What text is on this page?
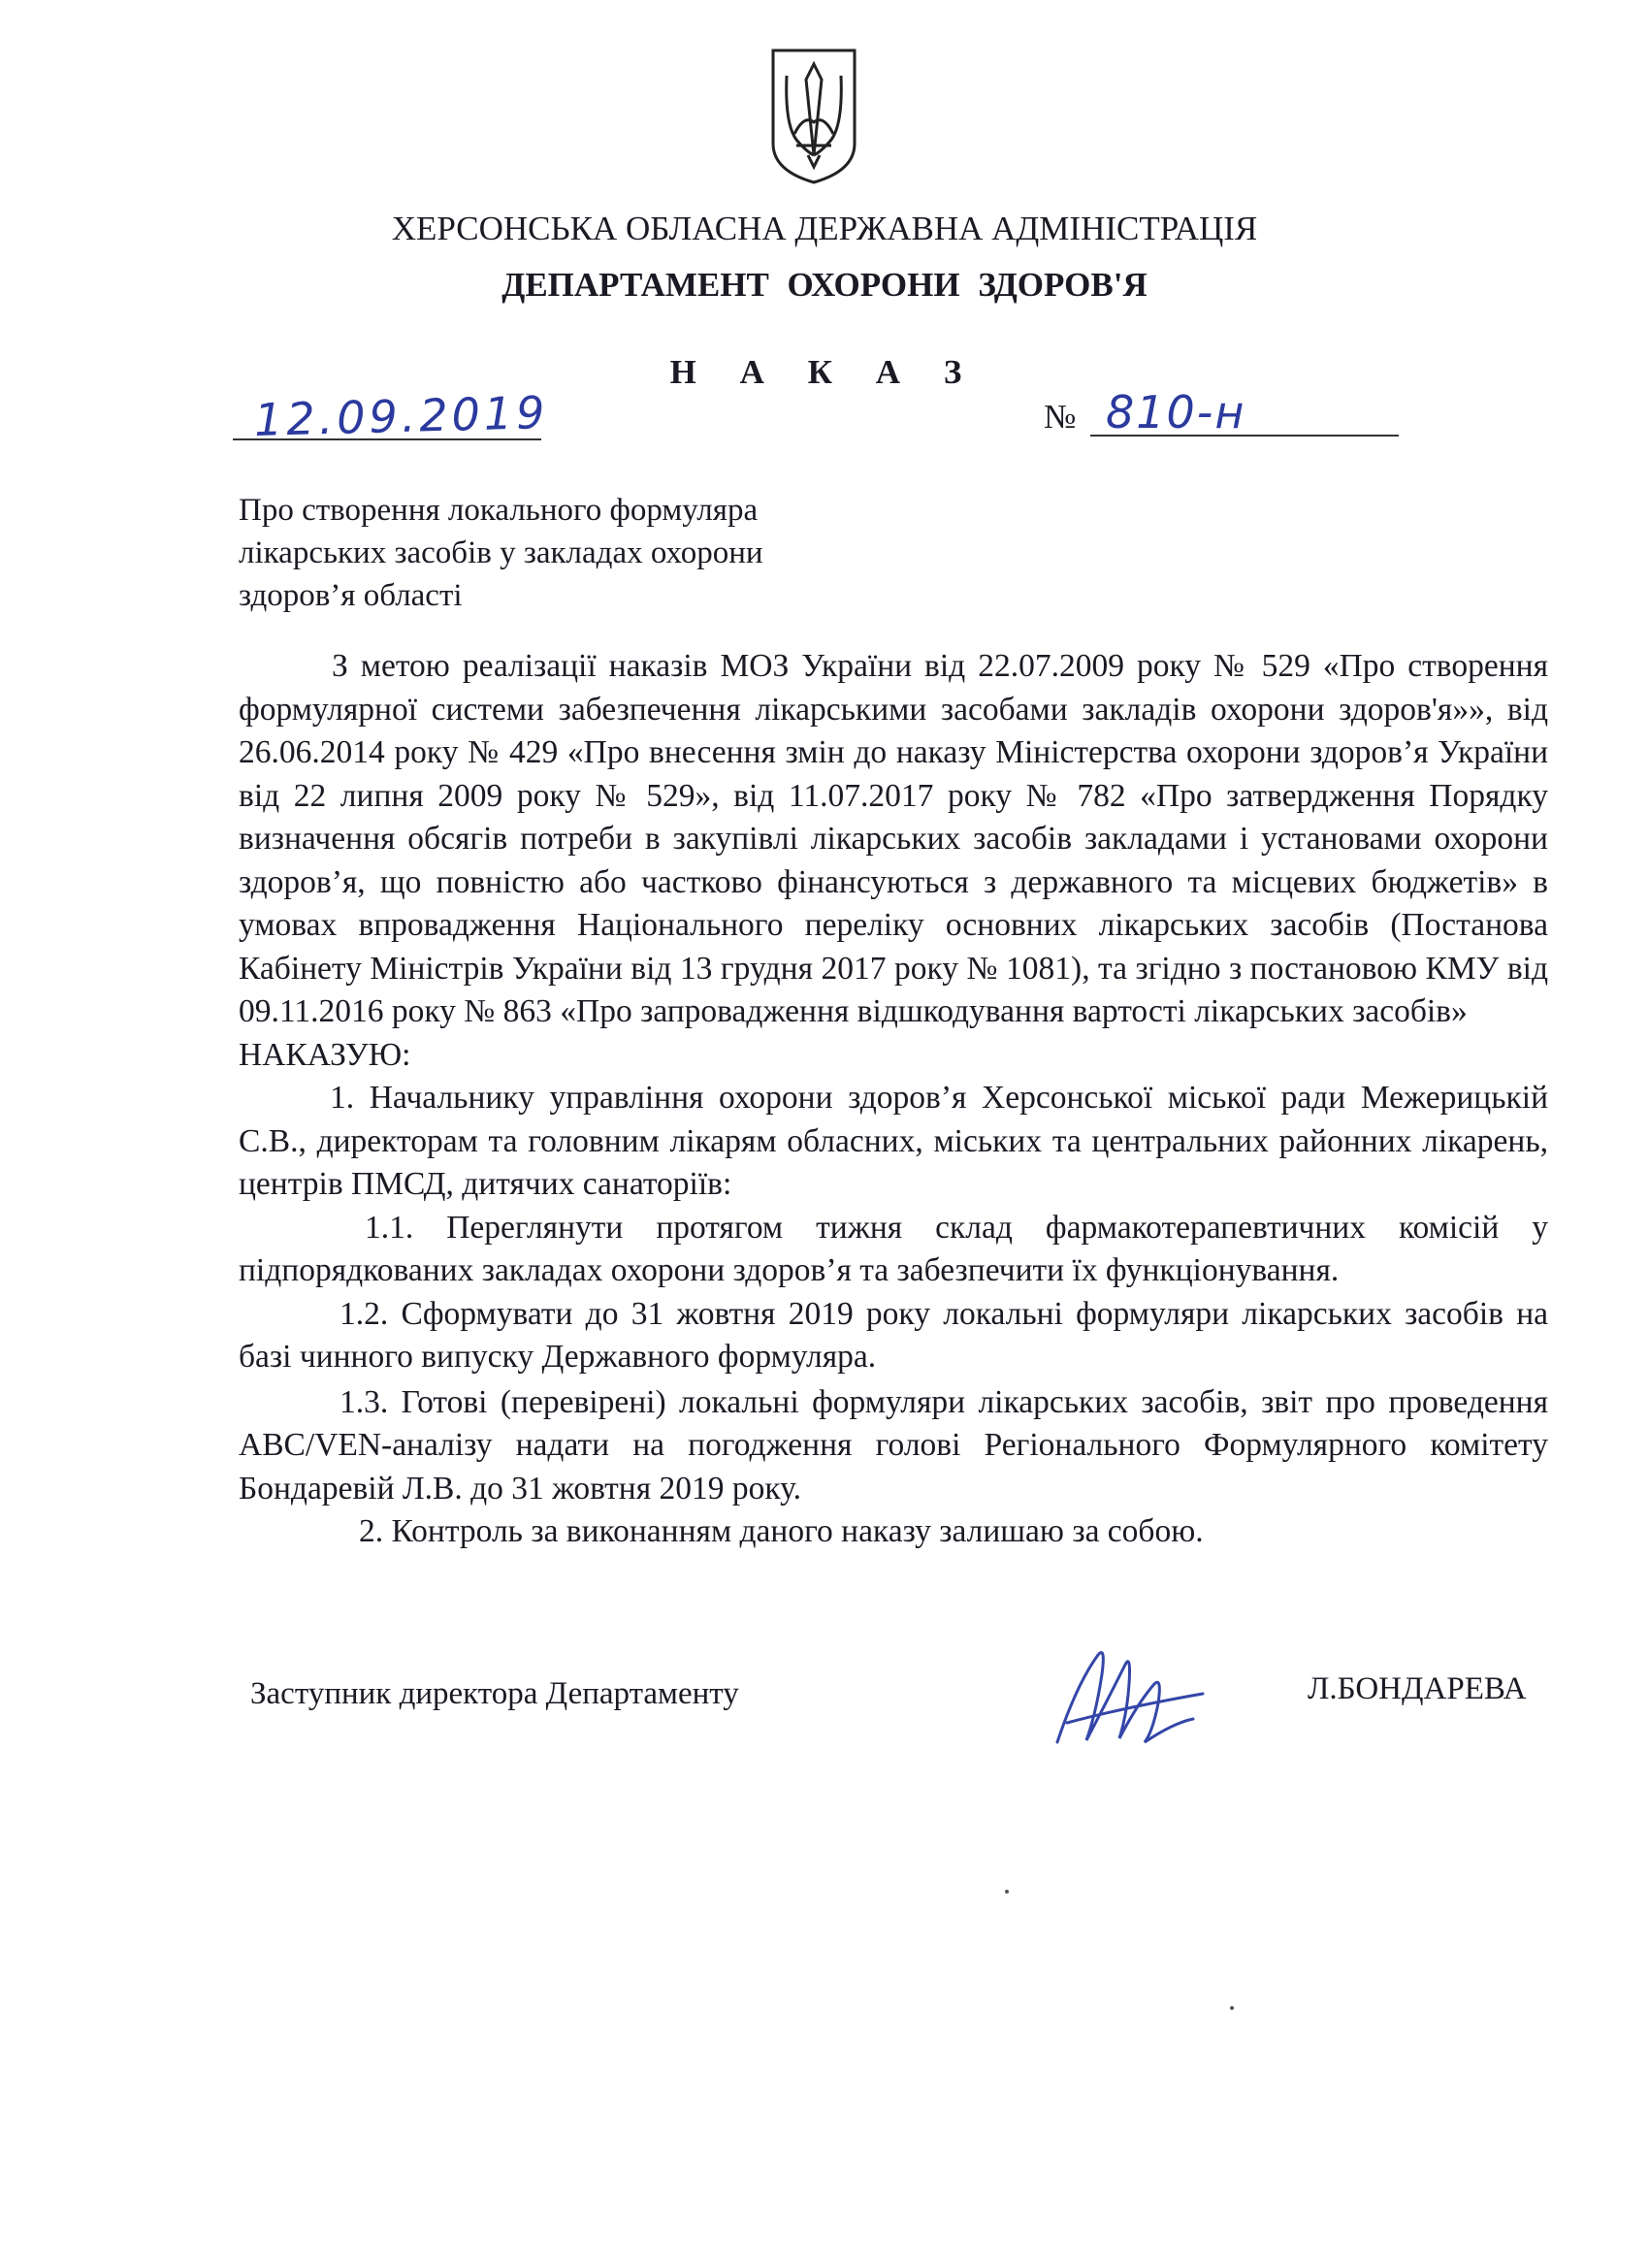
ХЕРСОНСЬКА ОБЛАСНА ДЕРЖАВНА АДМІНІСТРАЦІЯ
ДЕПАРТАМЕНТ ОХОРОНИ ЗДОРОВ'Я
Н А К А З
12.09.2019	№ 810-н
Про створення локального формуляра
лікарських засобів у закладах охорони
здоров’я області

З метою реалізації наказів МОЗ України від 22.07.2009 року № 529 «Про створення формулярної системи забезпечення лікарськими засобами закладів охорони здоров'я»», від 26.06.2014 року № 429 «Про внесення змін до наказу Міністерства охорони здоров’я України від 22 липня 2009 року № 529», від 11.07.2017 року № 782 «Про затвердження Порядку визначення обсягів потреби в закупівлі лікарських засобів закладами і установами охорони здоров’я, що повністю або частково фінансуються з державного та місцевих бюджетів» в умовах впровадження Національного переліку основних лікарських засобів (Постанова Кабінету Міністрів України від 13 грудня 2017 року № 1081), та згідно з постановою КМУ від 09.11.2016 року № 863 «Про запровадження відшкодування вартості лікарських засобів»

НАКАЗУЮ:

1. Начальнику управління охорони здоров’я Херсонської міської ради Межерицькій С.В., директорам та головним лікарям обласних, міських та центральних районних лікарень, центрів ПМСД, дитячих санаторіїв:

1.1. Переглянути протягом тижня склад фармакотерапевтичних комісій у підпорядкованих закладах охорони здоров’я та забезпечити їх функціонування.

1.2. Сформувати до 31 жовтня 2019 року локальні формуляри лікарських засобів на базі чинного випуску Державного формуляра.

1.3. Готові (перевірені) локальні формуляри лікарських засобів, звіт про проведення АВС/VEN-аналізу надати на погодження голові Регіонального Формулярного комітету Бондаревій Л.В. до 31 жовтня 2019 року.

2. Контроль за виконанням даного наказу залишаю за собою.

Заступник директора Департаменту	Л.БОНДАРЕВА
